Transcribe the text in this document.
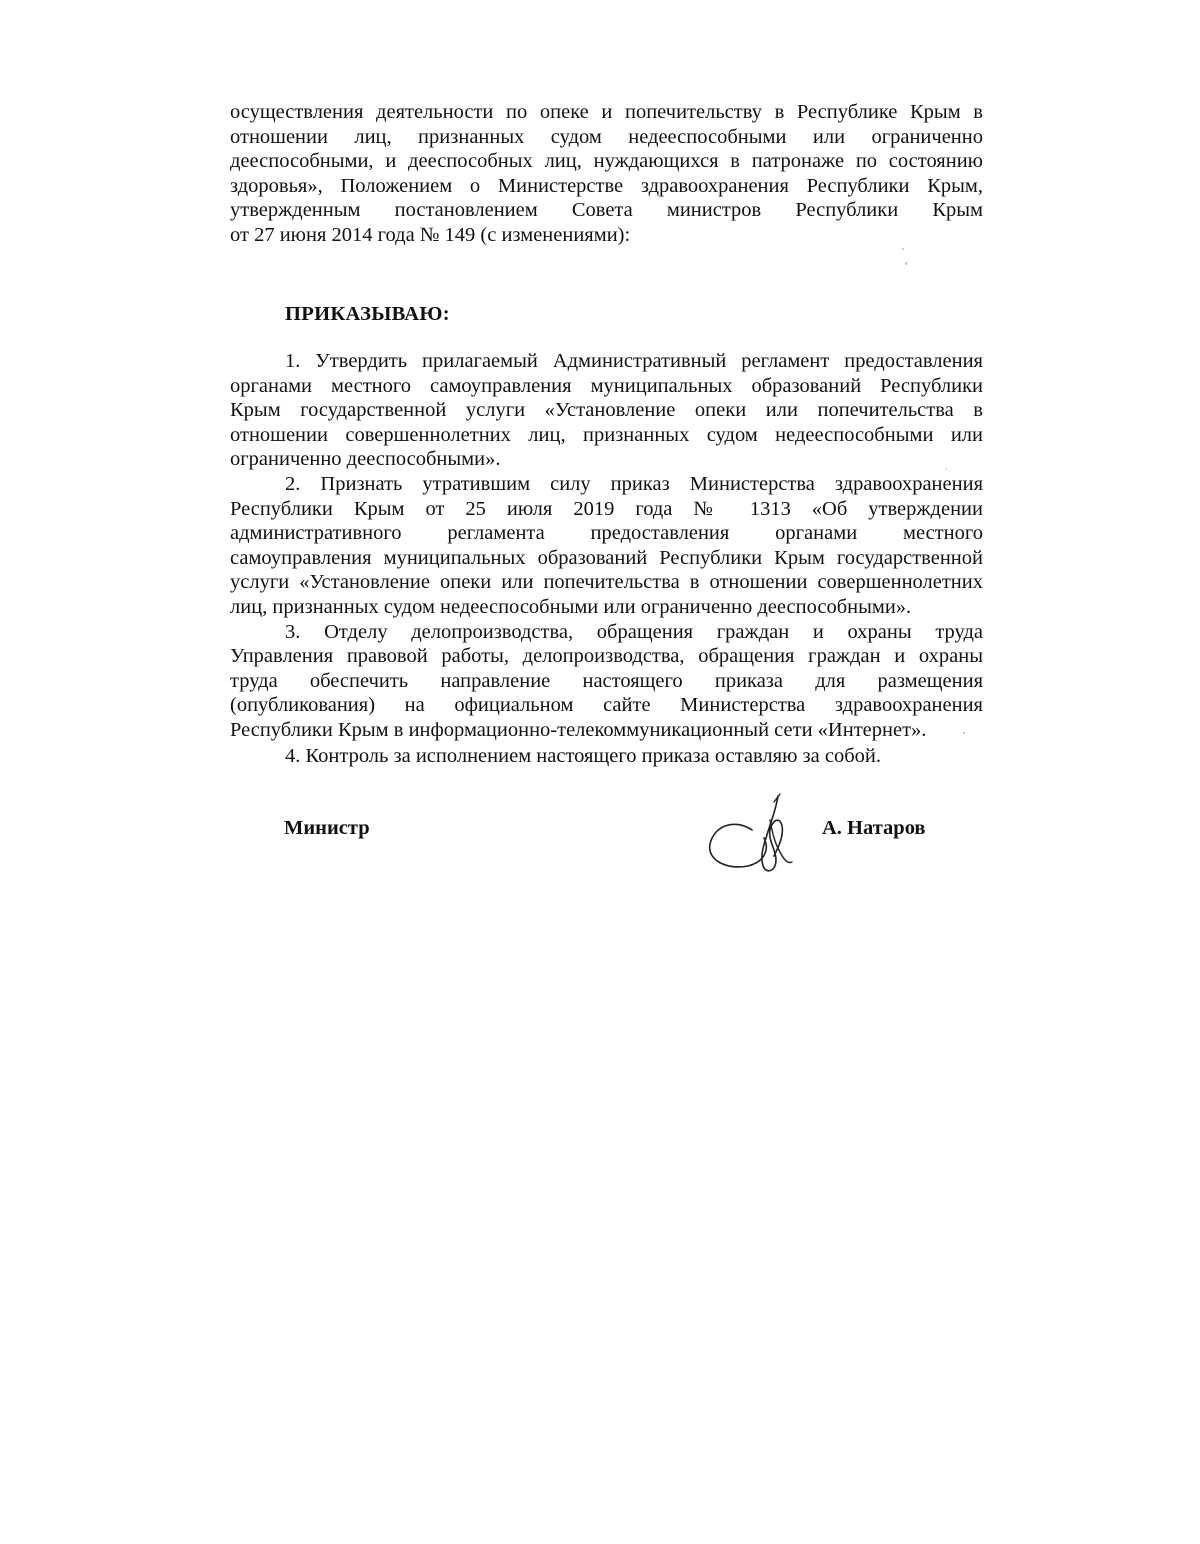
осуществления деятельности по опеке и попечительству в Республике Крым в
отношении лиц, признанных судом недееспособными или ограниченно
дееспособными, и дееспособных лиц, нуждающихся в патронаже по состоянию
здоровья», Положением о Министерстве здравоохранения Республики Крым,
утвержденным постановлением Совета министров Республики Крым
от 27 июня 2014 года № 149 (с изменениями):
ПРИКАЗЫВАЮ:
1. Утвердить прилагаемый Административный регламент предоставления
органами местного самоуправления муниципальных образований Республики
Крым государственной услуги «Установление опеки или попечительства в
отношении совершеннолетних лиц, признанных судом недееспособными или
ограниченно дееспособными».
2. Признать утратившим силу приказ Министерства здравоохранения
Республики Крым от 25 июля 2019 года № 1313 «Об утверждении
административного регламента предоставления органами местного
самоуправления муниципальных образований Республики Крым государственной
услуги «Установление опеки или попечительства в отношении совершеннолетних
лиц, признанных судом недееспособными или ограниченно дееспособными».
3. Отделу делопроизводства, обращения граждан и охраны труда
Управления правовой работы, делопроизводства, обращения граждан и охраны
труда обеспечить направление настоящего приказа для размещения
(опубликования) на официальном сайте Министерства здравоохранения
Республики Крым в информационно-телекоммуникационный сети «Интернет».
4. Контроль за исполнением настоящего приказа оставляю за собой.
Министр	А. Натаров
